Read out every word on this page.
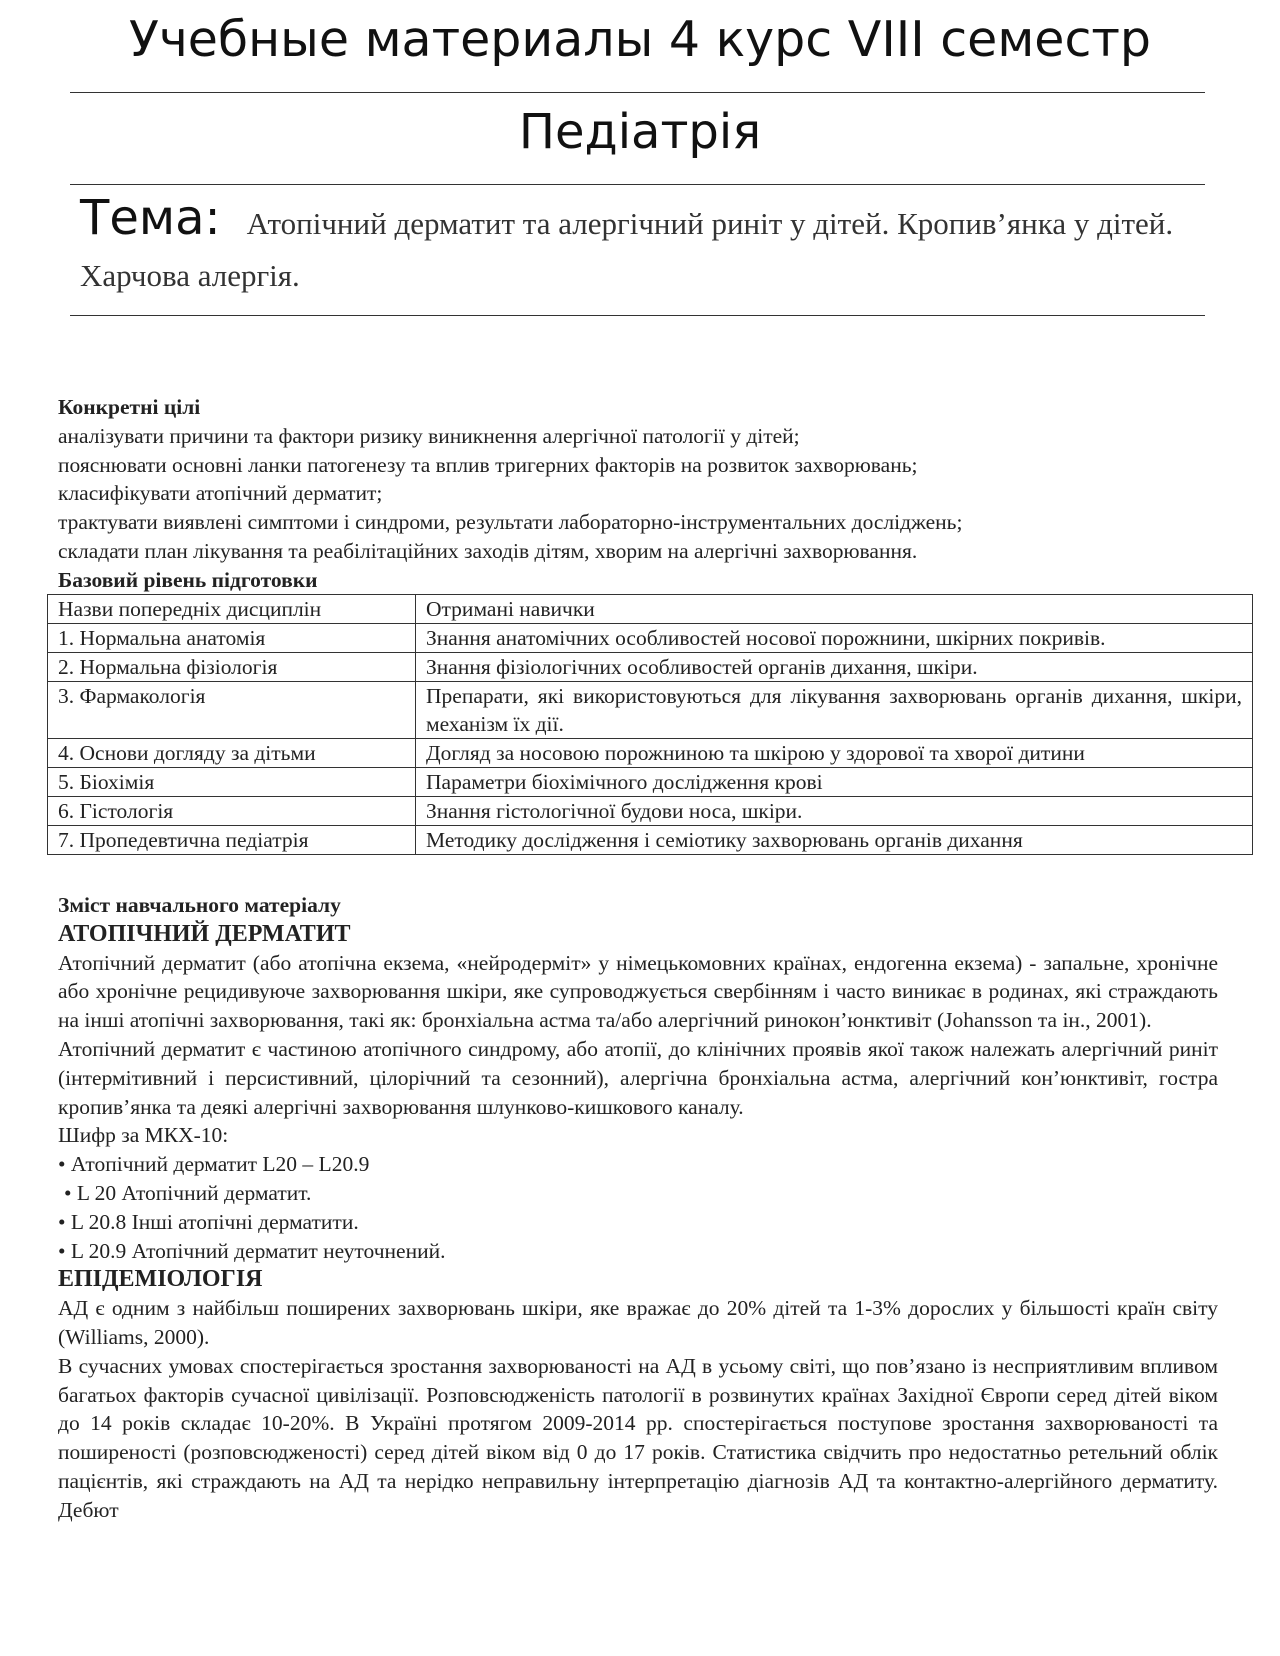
Учебные материалы 4 курс VIII семестр
Педіатрія
Тема: Атопічний дерматит та алергічний риніт у дітей. Кропив’янка у дітей. Харчова алергія.

Конкретні цілі

аналізувати причини та фактори ризику виникнення алергічної патології у дітей;

пояснювати основні ланки патогенезу та вплив тригерних факторів на розвиток захворювань;

класифікувати атопічний дерматит;

трактувати виявлені симптоми і синдроми, результати лабораторно-інструментальних досліджень;

складати план лікування та реабілітаційних заходів дітям, хворим на алергічні захворювання.

Базовий рівень підготовки

Назви попередніх дисциплін	Отримані навички
1. Нормальна анатомія	Знання анатомічних особливостей носової порожнини, шкірних покривів.
2. Нормальна фізіологія	Знання фізіологічних особливостей органів дихання, шкіри.
3. Фармакологія	Препарати, які використовуються для лікування захворювань органів дихання, шкіри, механізм їх дії.
4. Основи догляду за дітьми	Догляд за носовою порожниною та шкірою у здорової та хворої дитини
5. Біохімія	Параметри біохімічного дослідження крові
6. Гістологія	Знання гістологічної будови носа, шкіри.
7. Пропедевтична педіатрія	Методику дослідження і семіотику захворювань органів дихання

Зміст навчального матеріалу

АТОПІЧНИЙ ДЕРМАТИТ

Атопічний дерматит (або атопічна екзема, «нейродерміт» у німецькомовних країнах, ендогенна екзема) - запальне, хронічне або хронічне рецидивуюче захворювання шкіри, яке супроводжується свербінням і часто виникає в родинах, які страждають на інші атопічні захворювання, такі як: бронхіальна астма та/або алергічний ринокон’юнктивіт (Johansson та ін., 2001).

Атопічний дерматит є частиною атопічного синдрому, або атопії, до клінічних проявів якої також належать алергічний риніт (інтермітивний і персистивний, цілорічний та сезонний), алергічна бронхіальна астма, алергічний кон’юнктивіт, гостра кропив’янка та деякі алергічні захворювання шлунково-кишкового каналу.

Шифр за МКХ-10:

• Атопічний дерматит L20 – L20.9

• L 20 Атопічний дерматит.

• L 20.8 Інші атопічні дерматити.

• L 20.9 Атопічний дерматит неуточнений.

ЕПІДЕМІОЛОГІЯ

АД є одним з найбільш поширених захворювань шкіри, яке вражає до 20% дітей та 1-3% дорослих у більшості країн світу (Williams, 2000).

В сучасних умовах спостерігається зростання захворюваності на АД в усьому світі, що пов’язано із несприятливим впливом багатьох факторів сучасної цивілізації. Розповсюдженість патології в розвинутих країнах Західної Європи серед дітей віком до 14 років складає 10-20%. В Україні протягом 2009-2014 рр. спостерігається поступове зростання захворюваності та поширеності (розповсюдженості) серед дітей віком від 0 до 17 років. Статистика свідчить про недостатньо ретельний облік пацієнтів, які страждають на АД та нерідко неправильну інтерпретацію діагнозів АД та контактно-алергійного дерматиту. Дебют
